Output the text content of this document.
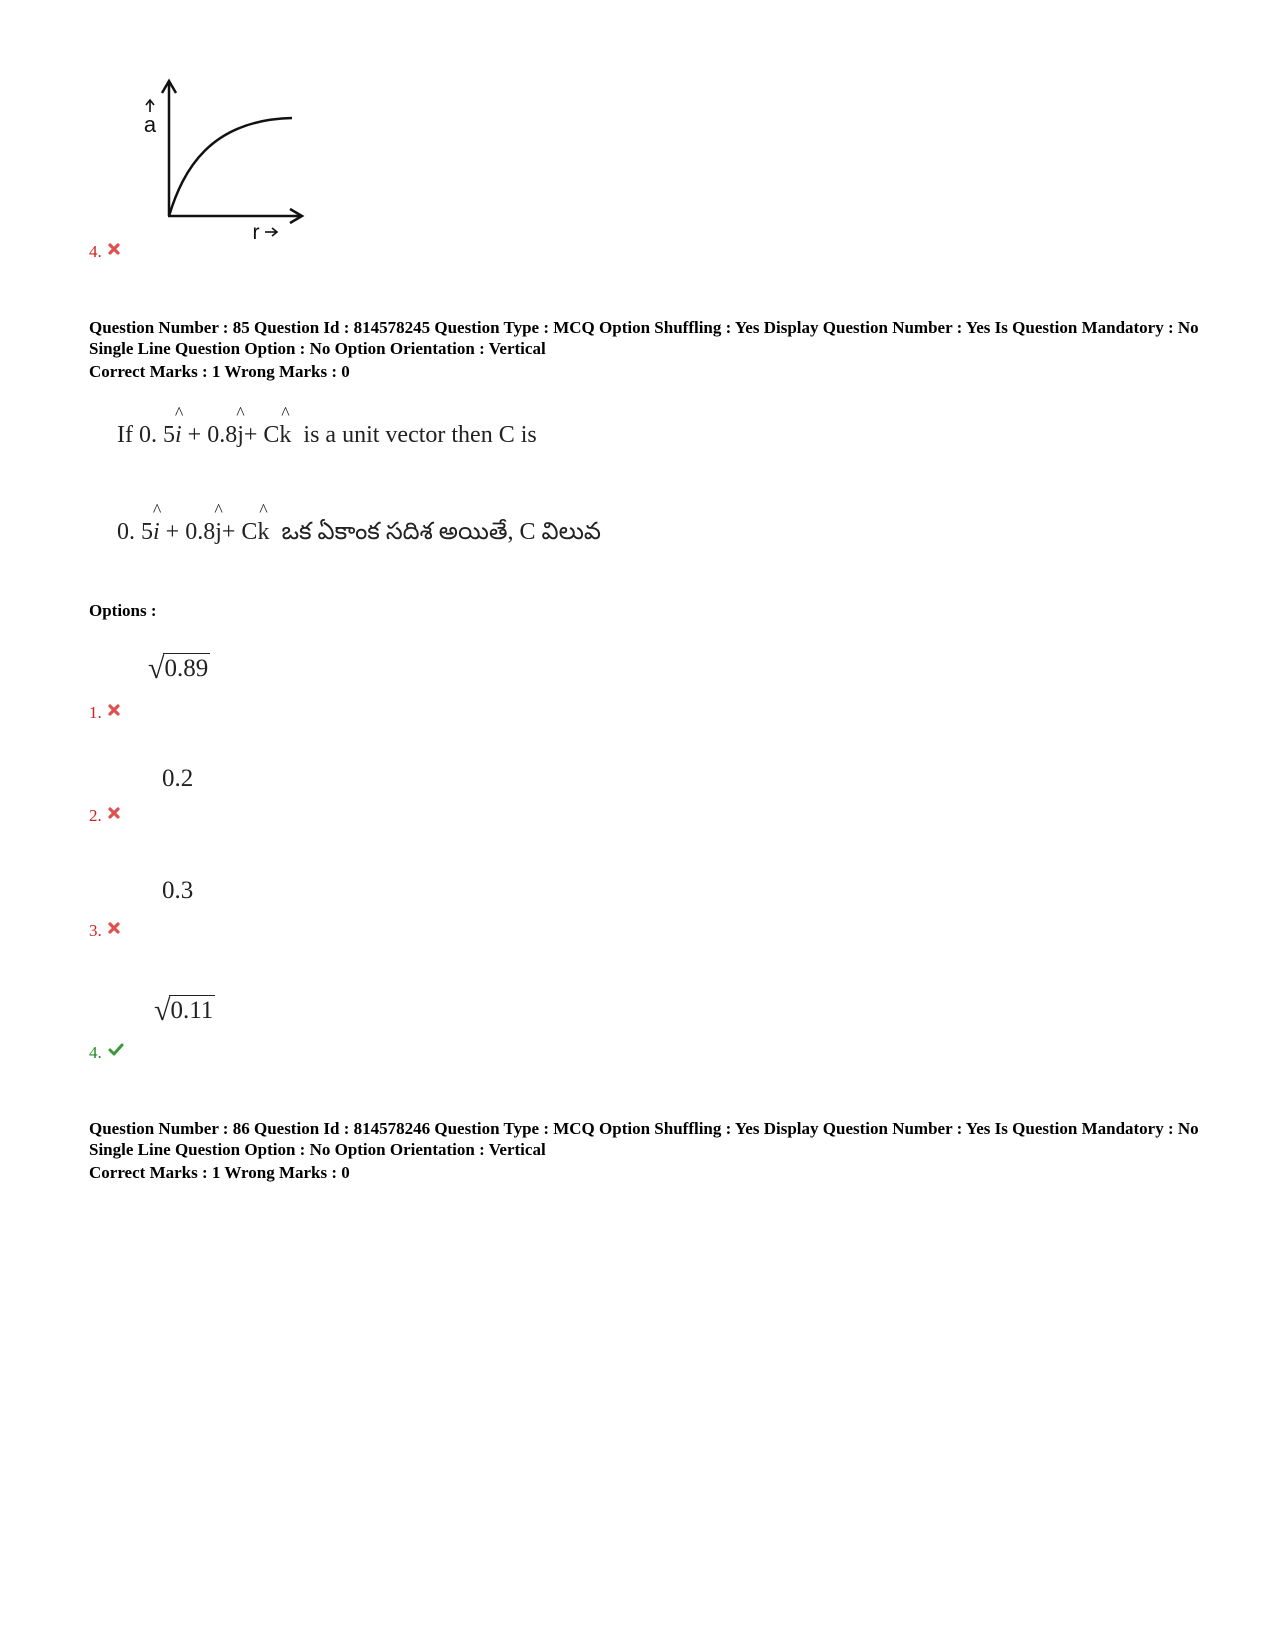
a
r
4.
Question Number : 85 Question Id : 814578245 Question Type : MCQ Option Shuffling : Yes Display Question Number : Yes Is Question Mandatory : No Single Line Question Option : No Option Orientation : Vertical
Correct Marks : 1 Wrong Marks : 0
If 0. 5^ i + 0.8^ j+ C^ k  is a unit vector then C is
0. 5^ i + 0.8^ j+ C^ k  ఒక ఏకాంక సదిశ అయితే, C విలువ
Options :
√ 0.89
1.
0.2
2.
0.3
3.
√ 0.11
4.
Question Number : 86 Question Id : 814578246 Question Type : MCQ Option Shuffling : Yes Display Question Number : Yes Is Question Mandatory : No Single Line Question Option : No Option Orientation : Vertical
Correct Marks : 1 Wrong Marks : 0
